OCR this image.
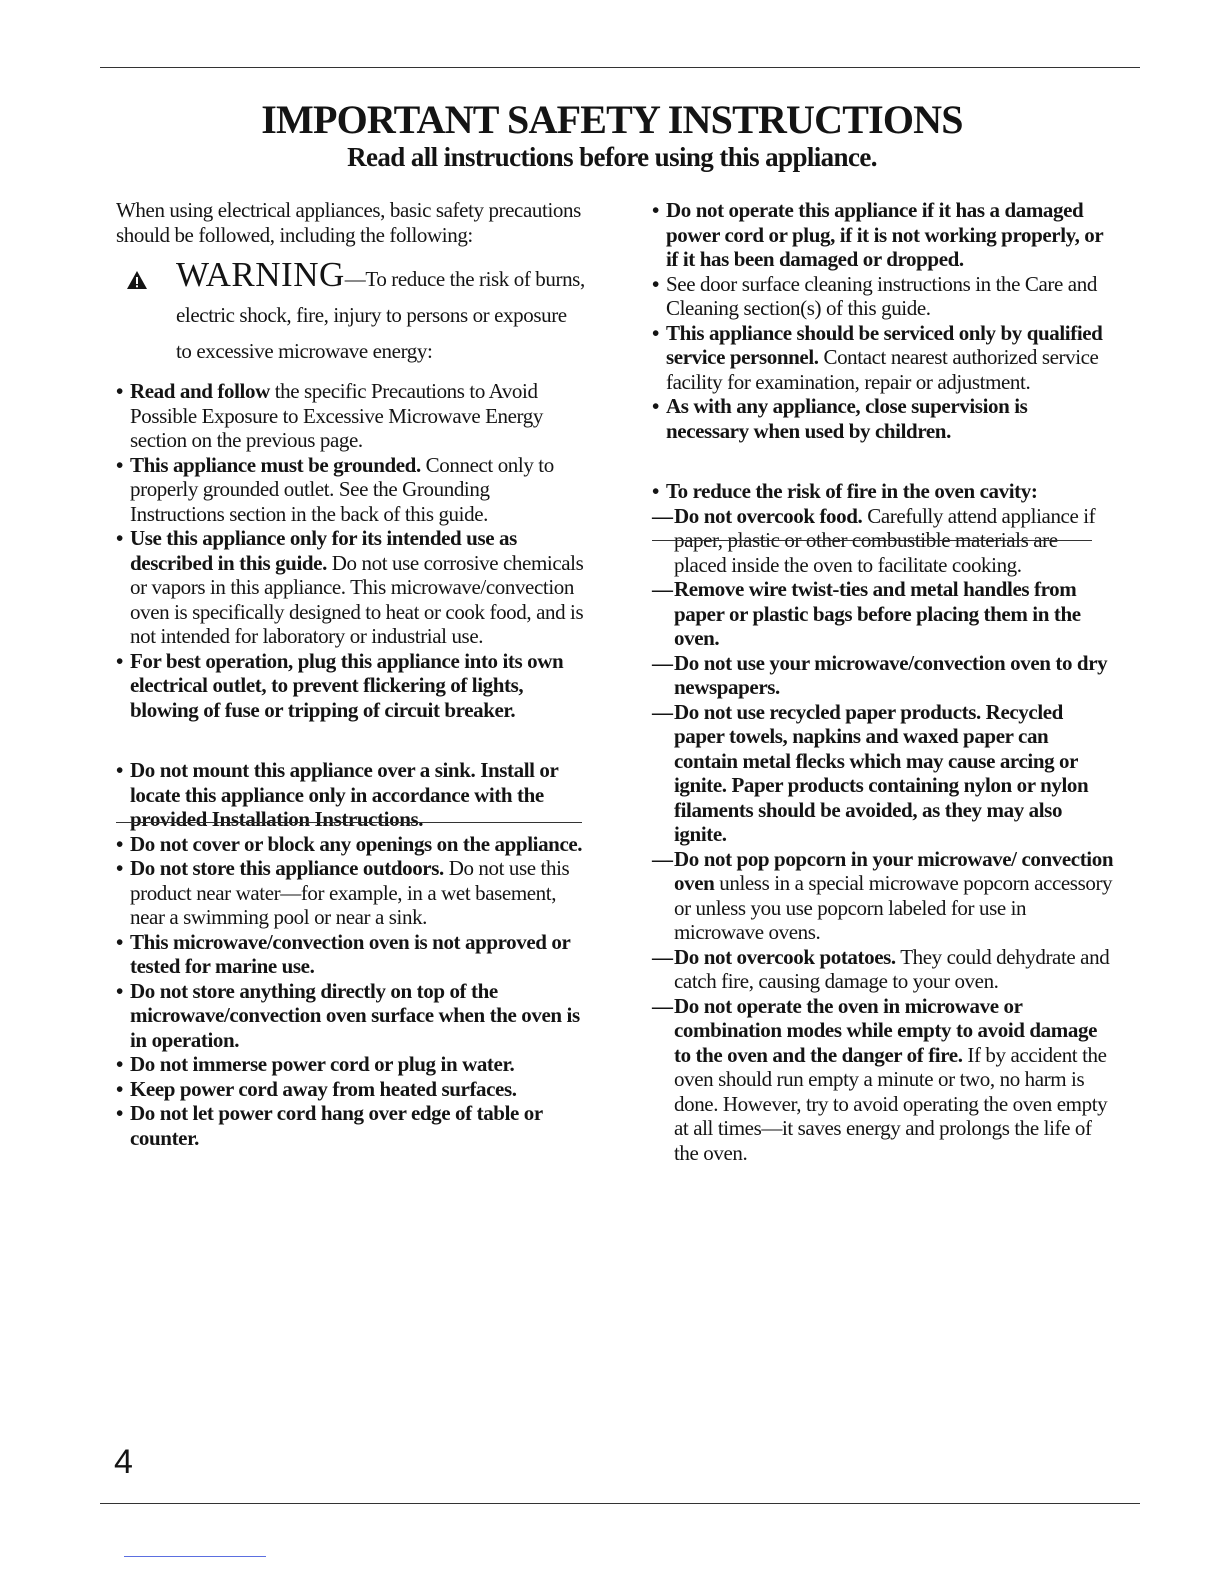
IMPORTANT SAFETY INSTRUCTIONS
Read all instructions before using this appliance.

When using electrical appliances, basic safety precautions should be followed, including the following:

WARNING—To reduce the risk of burns, electric shock, fire, injury to persons or exposure to excessive microwave energy:

• Read and follow the specific Precautions to Avoid Possible Exposure to Excessive Microwave Energy section on the previous page.

• This appliance must be grounded. Connect only to properly grounded outlet. See the Grounding Instructions section in the back of this guide.

• Use this appliance only for its intended use as described in this guide. Do not use corrosive chemicals or vapors in this appliance. This microwave/convection oven is specifically designed to heat or cook food, and is not intended for laboratory or industrial use.

• For best operation, plug this appliance into its own electrical outlet, to prevent flickering of lights, blowing of fuse or tripping of circuit breaker.

• Do not mount this appliance over a sink. Install or locate this appliance only in accordance with the provided Installation Instructions.

• Do not cover or block any openings on the appliance.

• Do not store this appliance outdoors. Do not use this product near water—for example, in a wet basement, near a swimming pool or near a sink.

• This microwave/convection oven is not approved or tested for marine use.

• Do not store anything directly on top of the microwave/convection oven surface when the oven is in operation.

• Do not immerse power cord or plug in water.

• Keep power cord away from heated surfaces.

• Do not let power cord hang over edge of table or counter.

• Do not operate this appliance if it has a damaged power cord or plug, if it is not working properly, or if it has been damaged or dropped.

• See door surface cleaning instructions in the Care and Cleaning section(s) of this guide.

• This appliance should be serviced only by qualified service personnel. Contact nearest authorized service facility for examination, repair or adjustment.

• As with any appliance, close supervision is necessary when used by children.

• To reduce the risk of fire in the oven cavity:

— Do not overcook food. Carefully attend appliance if paper, plastic or other combustible materials are placed inside the oven to facilitate cooking.

— Remove wire twist-ties and metal handles from paper or plastic bags before placing them in the oven.

— Do not use your microwave/convection oven to dry newspapers.

— Do not use recycled paper products. Recycled paper towels, napkins and waxed paper can contain metal flecks which may cause arcing or ignite. Paper products containing nylon or nylon filaments should be avoided, as they may also ignite.

— Do not pop popcorn in your microwave/ convection oven unless in a special microwave popcorn accessory or unless you use popcorn labeled for use in microwave ovens.

— Do not overcook potatoes. They could dehydrate and catch fire, causing damage to your oven.

— Do not operate the oven in microwave or combination modes while empty to avoid damage to the oven and the danger of fire. If by accident the oven should run empty a minute or two, no harm is done. However, try to avoid operating the oven empty at all times—it saves energy and prolongs the life of the oven.

4
